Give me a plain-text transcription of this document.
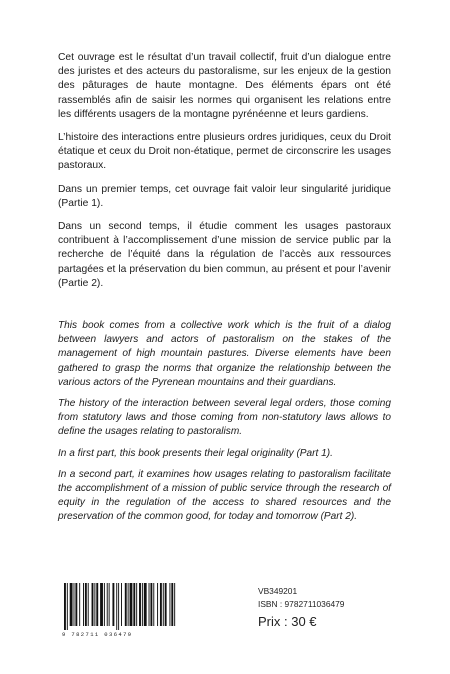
Cet ouvrage est le résultat d’un travail collectif, fruit d’un dialogue entre des juristes et des acteurs du pastoralisme, sur les enjeux de la gestion des pâturages de haute montagne. Des éléments épars ont été rassemblés afin de saisir les normes qui organisent les relations entre les différents usagers de la montagne pyrénéenne et leurs gardiens.

L’histoire des interactions entre plusieurs ordres juridiques, ceux du Droit étatique et ceux du Droit non-étatique, permet de circonscrire les usages pastoraux.

Dans un premier temps, cet ouvrage fait valoir leur singularité juridique (Partie 1).

Dans un second temps, il étudie comment les usages pastoraux contribuent à l’accomplissement d’une mission de service public par la recherche de l’équité dans la régulation de l’accès aux ressources partagées et la préservation du bien commun, au présent et pour l’avenir (Partie 2).

This book comes from a collective work which is the fruit of a dialog between lawyers and actors of pastoralism on the stakes of the management of high mountain pastures. Diverse elements have been gathered to grasp the norms that organize the relationship between the various actors of the Pyrenean mountains and their guardians.

The history of the interaction between several legal orders, those coming from statutory laws and those coming from non-statutory laws allows to define the usages relating to pastoralism.

In a first part, this book presents their legal originality (Part 1).

In a second part, it examines how usages relating to pastoralism facilitate the accomplishment of a mission of public service through the research of equity in the regulation of the access to shared resources and the preservation of the common good, for today and tomorrow (Part 2).

9 782711 036479
VB349201
ISBN : 9782711036479
Prix : 30 €
